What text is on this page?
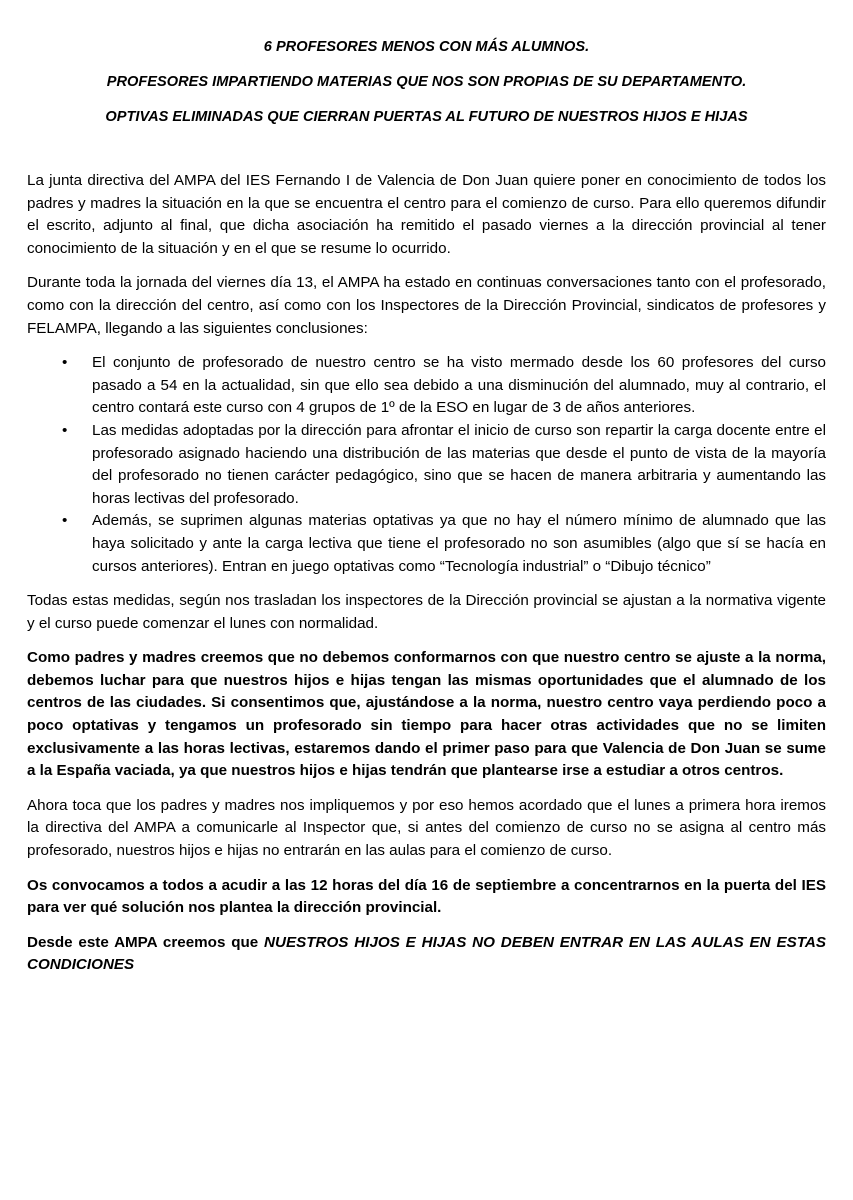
6 PROFESORES MENOS CON MÁS ALUMNOS.

PROFESORES IMPARTIENDO MATERIAS QUE NOS SON PROPIAS DE SU DEPARTAMENTO.

OPTIVAS ELIMINADAS QUE CIERRAN PUERTAS AL FUTURO DE NUESTROS HIJOS E HIJAS

La junta directiva del AMPA del IES Fernando I de Valencia de Don Juan quiere poner en conocimiento de todos los padres y madres la situación en la que se encuentra el centro para el comienzo de curso. Para ello queremos difundir el escrito, adjunto al final, que dicha asociación ha remitido el pasado viernes a la dirección provincial al tener conocimiento de la situación y en el que se resume lo ocurrido.

Durante toda la jornada del viernes día 13, el AMPA ha estado en continuas conversaciones tanto con el profesorado, como con la dirección del centro, así como con los Inspectores de la Dirección Provincial, sindicatos de profesores y FELAMPA, llegando a las siguientes conclusiones:

• El conjunto de profesorado de nuestro centro se ha visto mermado desde los 60 profesores del curso pasado a 54 en la actualidad, sin que ello sea debido a una disminución del alumnado, muy al contrario, el centro contará este curso con 4 grupos de 1º de la ESO en lugar de 3 de años anteriores.
• Las medidas adoptadas por la dirección para afrontar el inicio de curso son repartir la carga docente entre el profesorado asignado haciendo una distribución de las materias que desde el punto de vista de la mayoría del profesorado no tienen carácter pedagógico, sino que se hacen de manera arbitraria y aumentando las horas lectivas del profesorado.
• Además, se suprimen algunas materias optativas ya que no hay el número mínimo de alumnado que las haya solicitado y ante la carga lectiva que tiene el profesorado no son asumibles (algo que sí se hacía en cursos anteriores). Entran en juego optativas como “Tecnología industrial” o “Dibujo técnico”

Todas estas medidas, según nos trasladan los inspectores de la Dirección provincial se ajustan a la normativa vigente y el curso puede comenzar el lunes con normalidad.

Como padres y madres creemos que no debemos conformarnos con que nuestro centro se ajuste a la norma, debemos luchar para que nuestros hijos e hijas tengan las mismas oportunidades que el alumnado de los centros de las ciudades. Si consentimos que, ajustándose a la norma, nuestro centro vaya perdiendo poco a poco optativas y tengamos un profesorado sin tiempo para hacer otras actividades que no se limiten exclusivamente a las horas lectivas, estaremos dando el primer paso para que Valencia de Don Juan se sume a la España vaciada, ya que nuestros hijos e hijas tendrán que plantearse irse a estudiar a otros centros.

Ahora toca que los padres y madres nos impliquemos y por eso hemos acordado que el lunes a primera hora iremos la directiva del AMPA a comunicarle al Inspector que, si antes del comienzo de curso no se asigna al centro más profesorado, nuestros hijos e hijas no entrarán en las aulas para el comienzo de curso.

Os convocamos a todos a acudir a las 12 horas del día 16 de septiembre a concentrarnos en la puerta del IES para ver qué solución nos plantea la dirección provincial.

Desde este AMPA creemos que NUESTROS HIJOS E HIJAS NO DEBEN ENTRAR EN LAS AULAS EN ESTAS CONDICIONES
